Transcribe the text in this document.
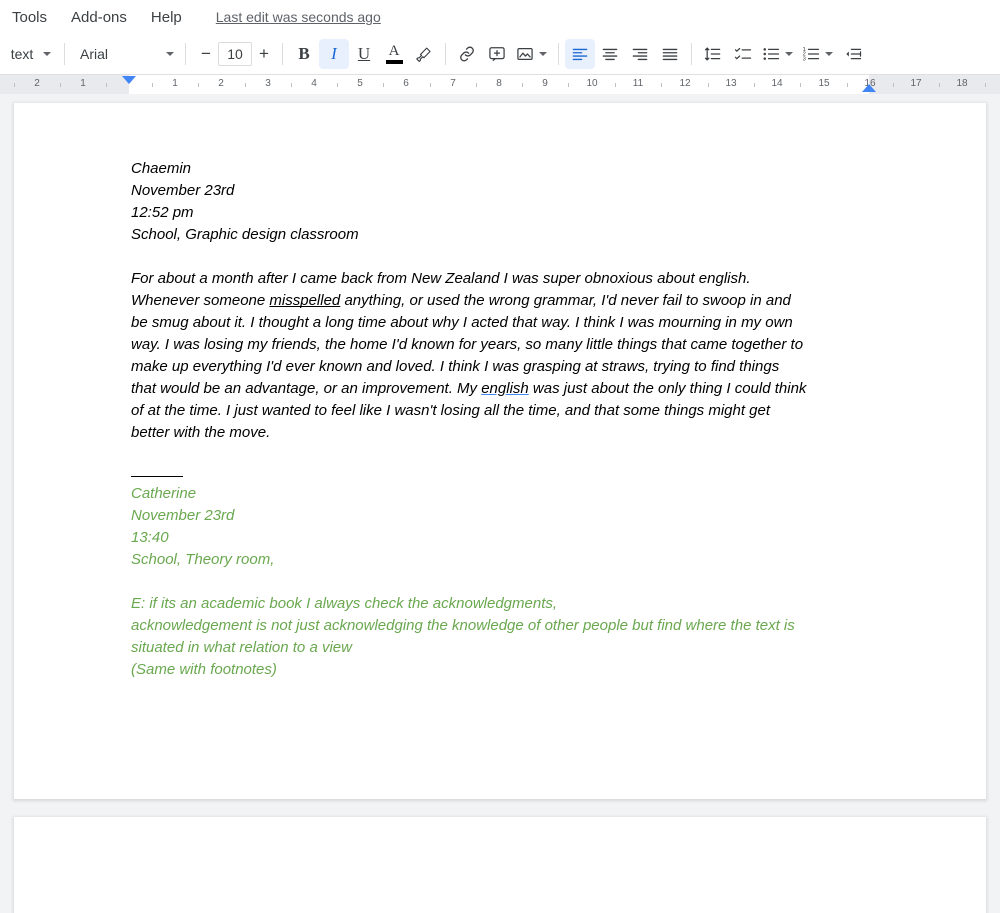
Tools	Add-ons	Help	Last edit was seconds ago
text	Arial	−	10 +	B I U A	1
2
3
2	1	1	2	3	4	5	6	7	8	9	10	11	12	13	14	15	16	17	18
Chaemin
November 23rd
12:52 pm
School, Graphic design classroom
For about a month after I came back from New Zealand I was super obnoxious about english.
Whenever someone misspelled anything, or used the wrong grammar, I'd never fail to swoop in and
be smug about it. I thought a long time about why I acted that way. I think I was mourning in my own
way. I was losing my friends, the home I'd known for years, so many little things that came together to
make up everything I'd ever known and loved. I think I was grasping at straws, trying to find things
that would be an advantage, or an improvement. My english was just about the only thing I could think
of at the time. I just wanted to feel like I wasn't losing all the time, and that some things might get
better with the move.
Catherine
November 23rd
13:40
School, Theory room,
E: if its an academic book I always check the acknowledgments,
acknowledgement is not just acknowledging the knowledge of other people but find where the text is
situated in what relation to a view
(Same with footnotes)
